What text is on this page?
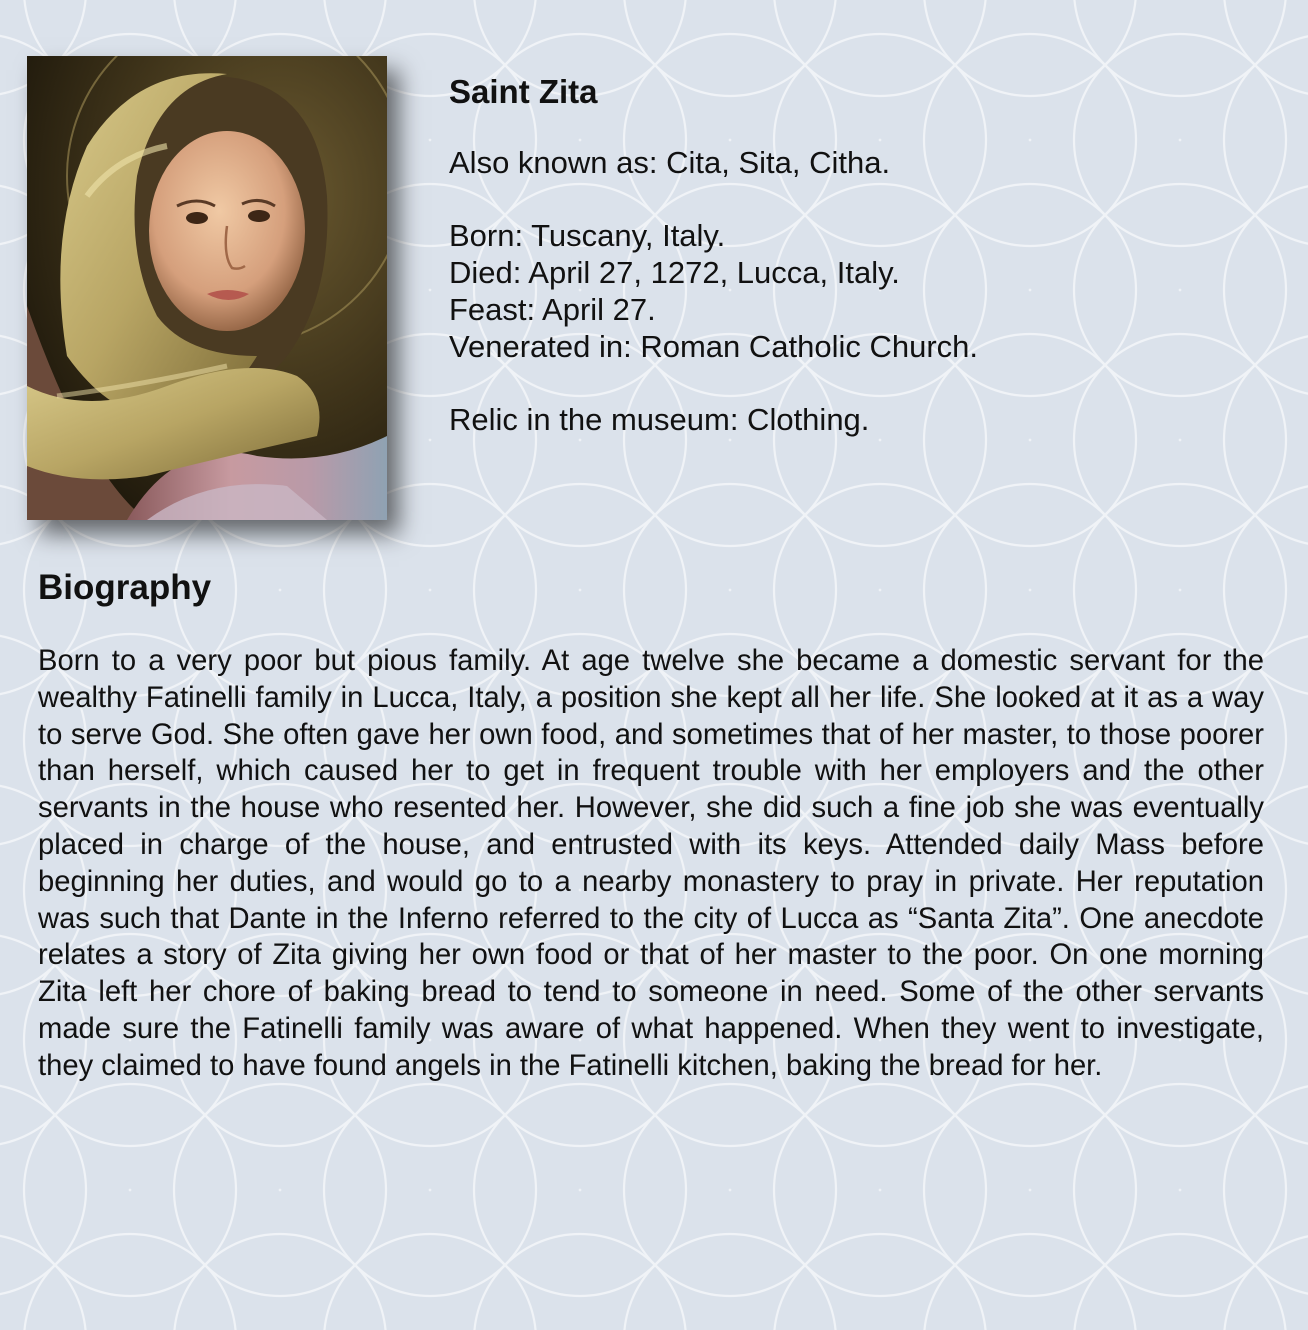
Saint Zita

Also known as: Cita, Sita, Citha.

Born: Tuscany, Italy.

Died: April 27, 1272, Lucca, Italy.

Feast: April 27.

Venerated in: Roman Catholic Church.

Relic in the museum: Clothing.

Biography

Born to a very poor but pious family. At age twelve she became a domestic servant for the wealthy Fatinelli family in Lucca, Italy, a position she kept all her life. She looked at it as a way to serve God. She often gave her own food, and sometimes that of her master, to those poorer than herself, which caused her to get in frequent trouble with her employers and the other servants in the house who resented her. However, she did such a fine job she was eventually placed in charge of the house, and entrusted with its keys. Attended daily Mass before beginning her duties, and would go to a nearby monastery to pray in private. Her reputation was such that Dante in the Inferno referred to the city of Lucca as “Santa Zita”. One anecdote relates a story of Zita giving her own food or that of her master to the poor. On one morning Zita left her chore of baking bread to tend to someone in need. Some of the other servants made sure the Fatinelli family was aware of what happened. When they went to investigate, they claimed to have found angels in the Fatinelli kitchen, baking the bread for her.
